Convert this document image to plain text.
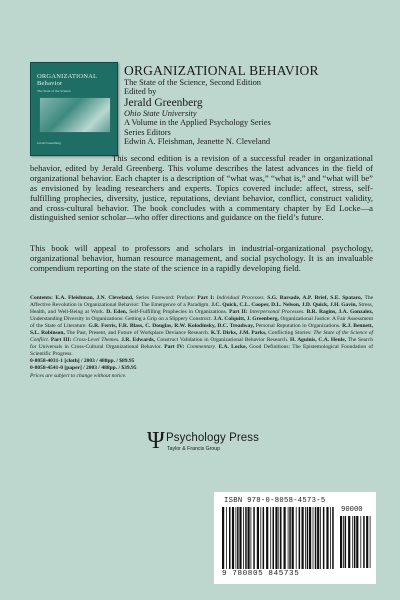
ORGANIZATIONAL
Behavior
The State of the Science
Jerald Greenberg
ORGANIZATIONAL BEHAVIOR
The State of the Science, Second Edition
Edited by
Jerald Greenberg
Ohio State University
A Volume in the Applied Psychology Series
Series Editors
Edwin A. Fleishman, Jeanette N. Cleveland
This second edition is a revision of a successful reader in organizational behavior, edited by Jerald Greenberg. This volume describes the latest advances in the field of organizational behavior. Each chapter is a description of “what was,” “what is,” and “what will be” as envisioned by leading researchers and experts. Topics covered include: affect, stress, self-fulfilling prophecies, diversity, justice, reputations, deviant behavior, conflict, construct validity, and cross-cultural behavior. The book concludes with a commentary chapter by Ed Locke—a distinguished senior scholar—who offer directions and guidance on the field’s future.
This book will appeal to professors and scholars in industrial-organizational psychology, organizational behavior, human resource management, and social psychology. It is an invaluable compendium reporting on the state of the science in a rapidly developing field.
Contents: E.A. Fleishman, J.N. Cleveland, Series Foreword: Preface: Part I: Individual Processes. S.G. Barsade, A.P. Brief, S.E. Spataro, The Affective Revolution in Organizational Behavior: The Emergence of a Paradigm. J.C. Quick, C.L. Cooper, D.L. Nelson, J.D. Quick, J.H. Gavin, Stress, Health, and Well-Being at Work. D. Eden, Self-Fulfilling Prophecies in Organizations. Part II: Interpersonal Processes. B.R. Ragins, J.A. Gonzalez, Understanding Diversity in Organizations: Getting a Grip on a Slippery Construct. J.A. Colquitt, J. Greenberg, Organizational Justice: A Fair Assessment of the State of Literature. G.R. Ferris, F.R. Blass, C. Douglas, R.W. Kolodinsky, D.C. Treadway, Personal Reputation in Organizations. R.J. Bennett, S.L. Robinson, The Past, Present, and Future of Workplace Deviance Research. K.T. Dirks, J.M. Parks, Conflicting Stories: The State of the Science of Conflict. Part III: Cross-Level Themes. J.R. Edwards, Construct Validation in Organizational Behavior Research. H. Aguinis, C.A. Henle, The Search for Universals in Cross-Cultural Organizational Behavior. Part IV: Commentary. E.A. Locke, Good Definitions: The Epistemological Foundation of Scientific Progress.
0-8058-4031-1 [cloth] / 2003 / 488pp. / $89.95
0-8058-4541-0 [paper] / 2003 / 488pp. / $39.95
Prices are subject to change without notice.
Ψ Psychology Press
Taylor & Francis Group
ISBN 978-0-8058-4573-5
90000
9 780805 845735
